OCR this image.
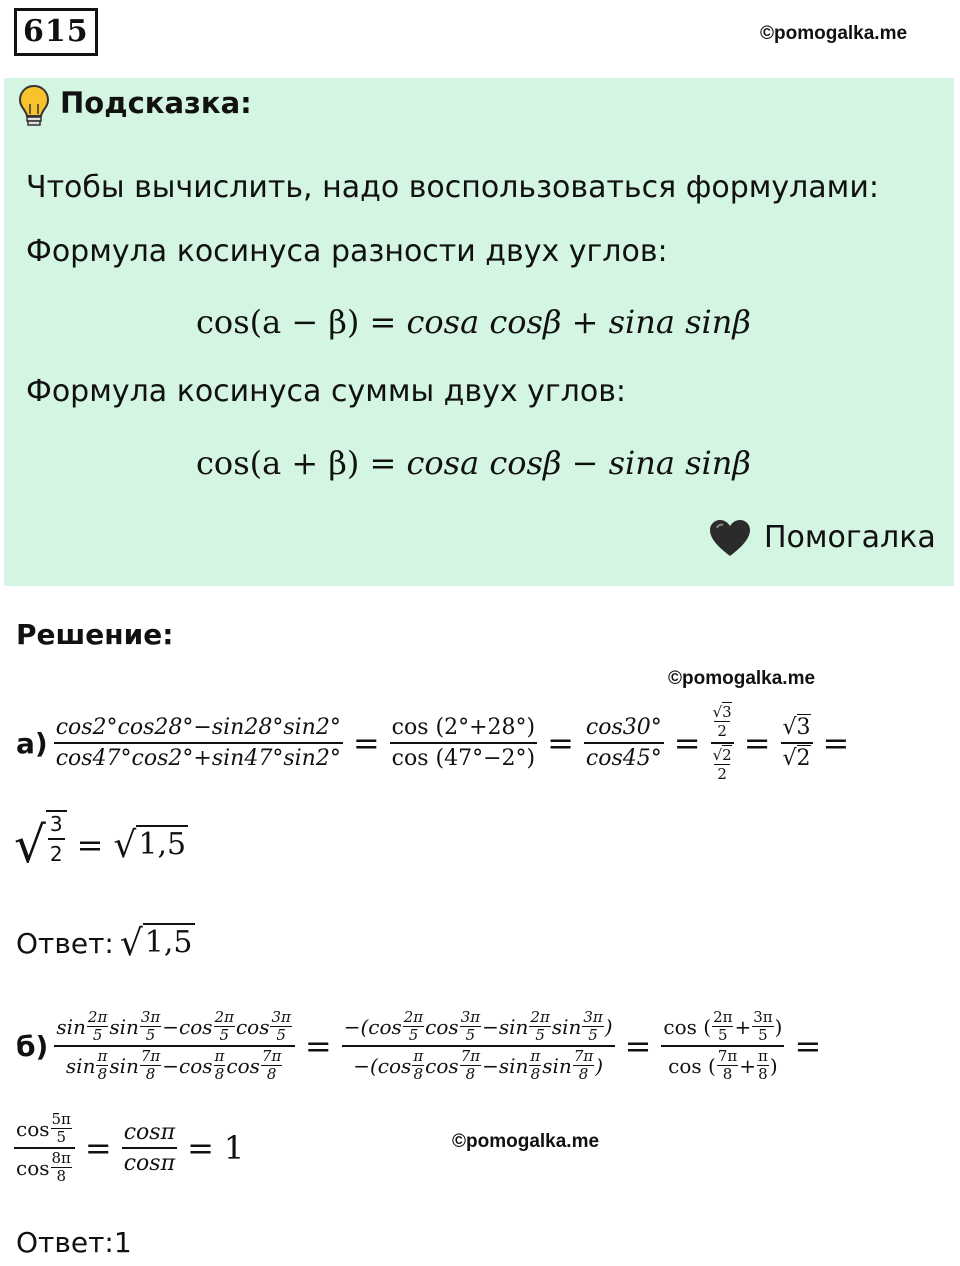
615	©pomogalka.me
Подсказка:
Чтобы вычислить, надо воспользоваться формулами:
Формула косинуса разности двух углов:
cos(a − β) = cosa cosβ + sina sinβ
Формула косинуса суммы двух углов:
cos(a + β) = cosa cosβ − sina sinβ
Помогалка
Решение:
©pomogalka.me
$а) \frac{\cos 2^\circ\cos 28^\circ-\sin 28^\circ\sin 2^\circ}{\cos 47^\circ\cos 2^\circ+\sin 47^\circ\sin 2^\circ} = \frac{\cos (2^\circ+28^\circ)}{\cos (47^\circ-2^\circ)} = \frac{\cos 30^\circ}{\cos 45^\circ} = √3$
2
√2
$2 = \frac{√3}{√2}$ =
√ $\frac{3}{2}$ = √ 1,5
Ответ: √ 1,5
б) sin 2π
5 sin 3π
5 − cos 2π
5 cos 3π
5
sin π
8 sin 7π
8 − cos π
8 cos 7π
8 =
−( cos 2π
5 cos 3π
5 − sin 2π
5 sin 3π
5 )
−( cos π
8 cos 7π
8 − sin π
8 sin 7π
8 )
= cos ( 2π
$5 + \frac{3\pi}{5}$ )
cos ( 7π
$8 + \frac{\pi}{8}$ ) =
cos 5π
5
cos 8π
$8 = \frac{\cos\pi}{\cos\pi} = 1$	©pomogalka.me
Ответ:1
